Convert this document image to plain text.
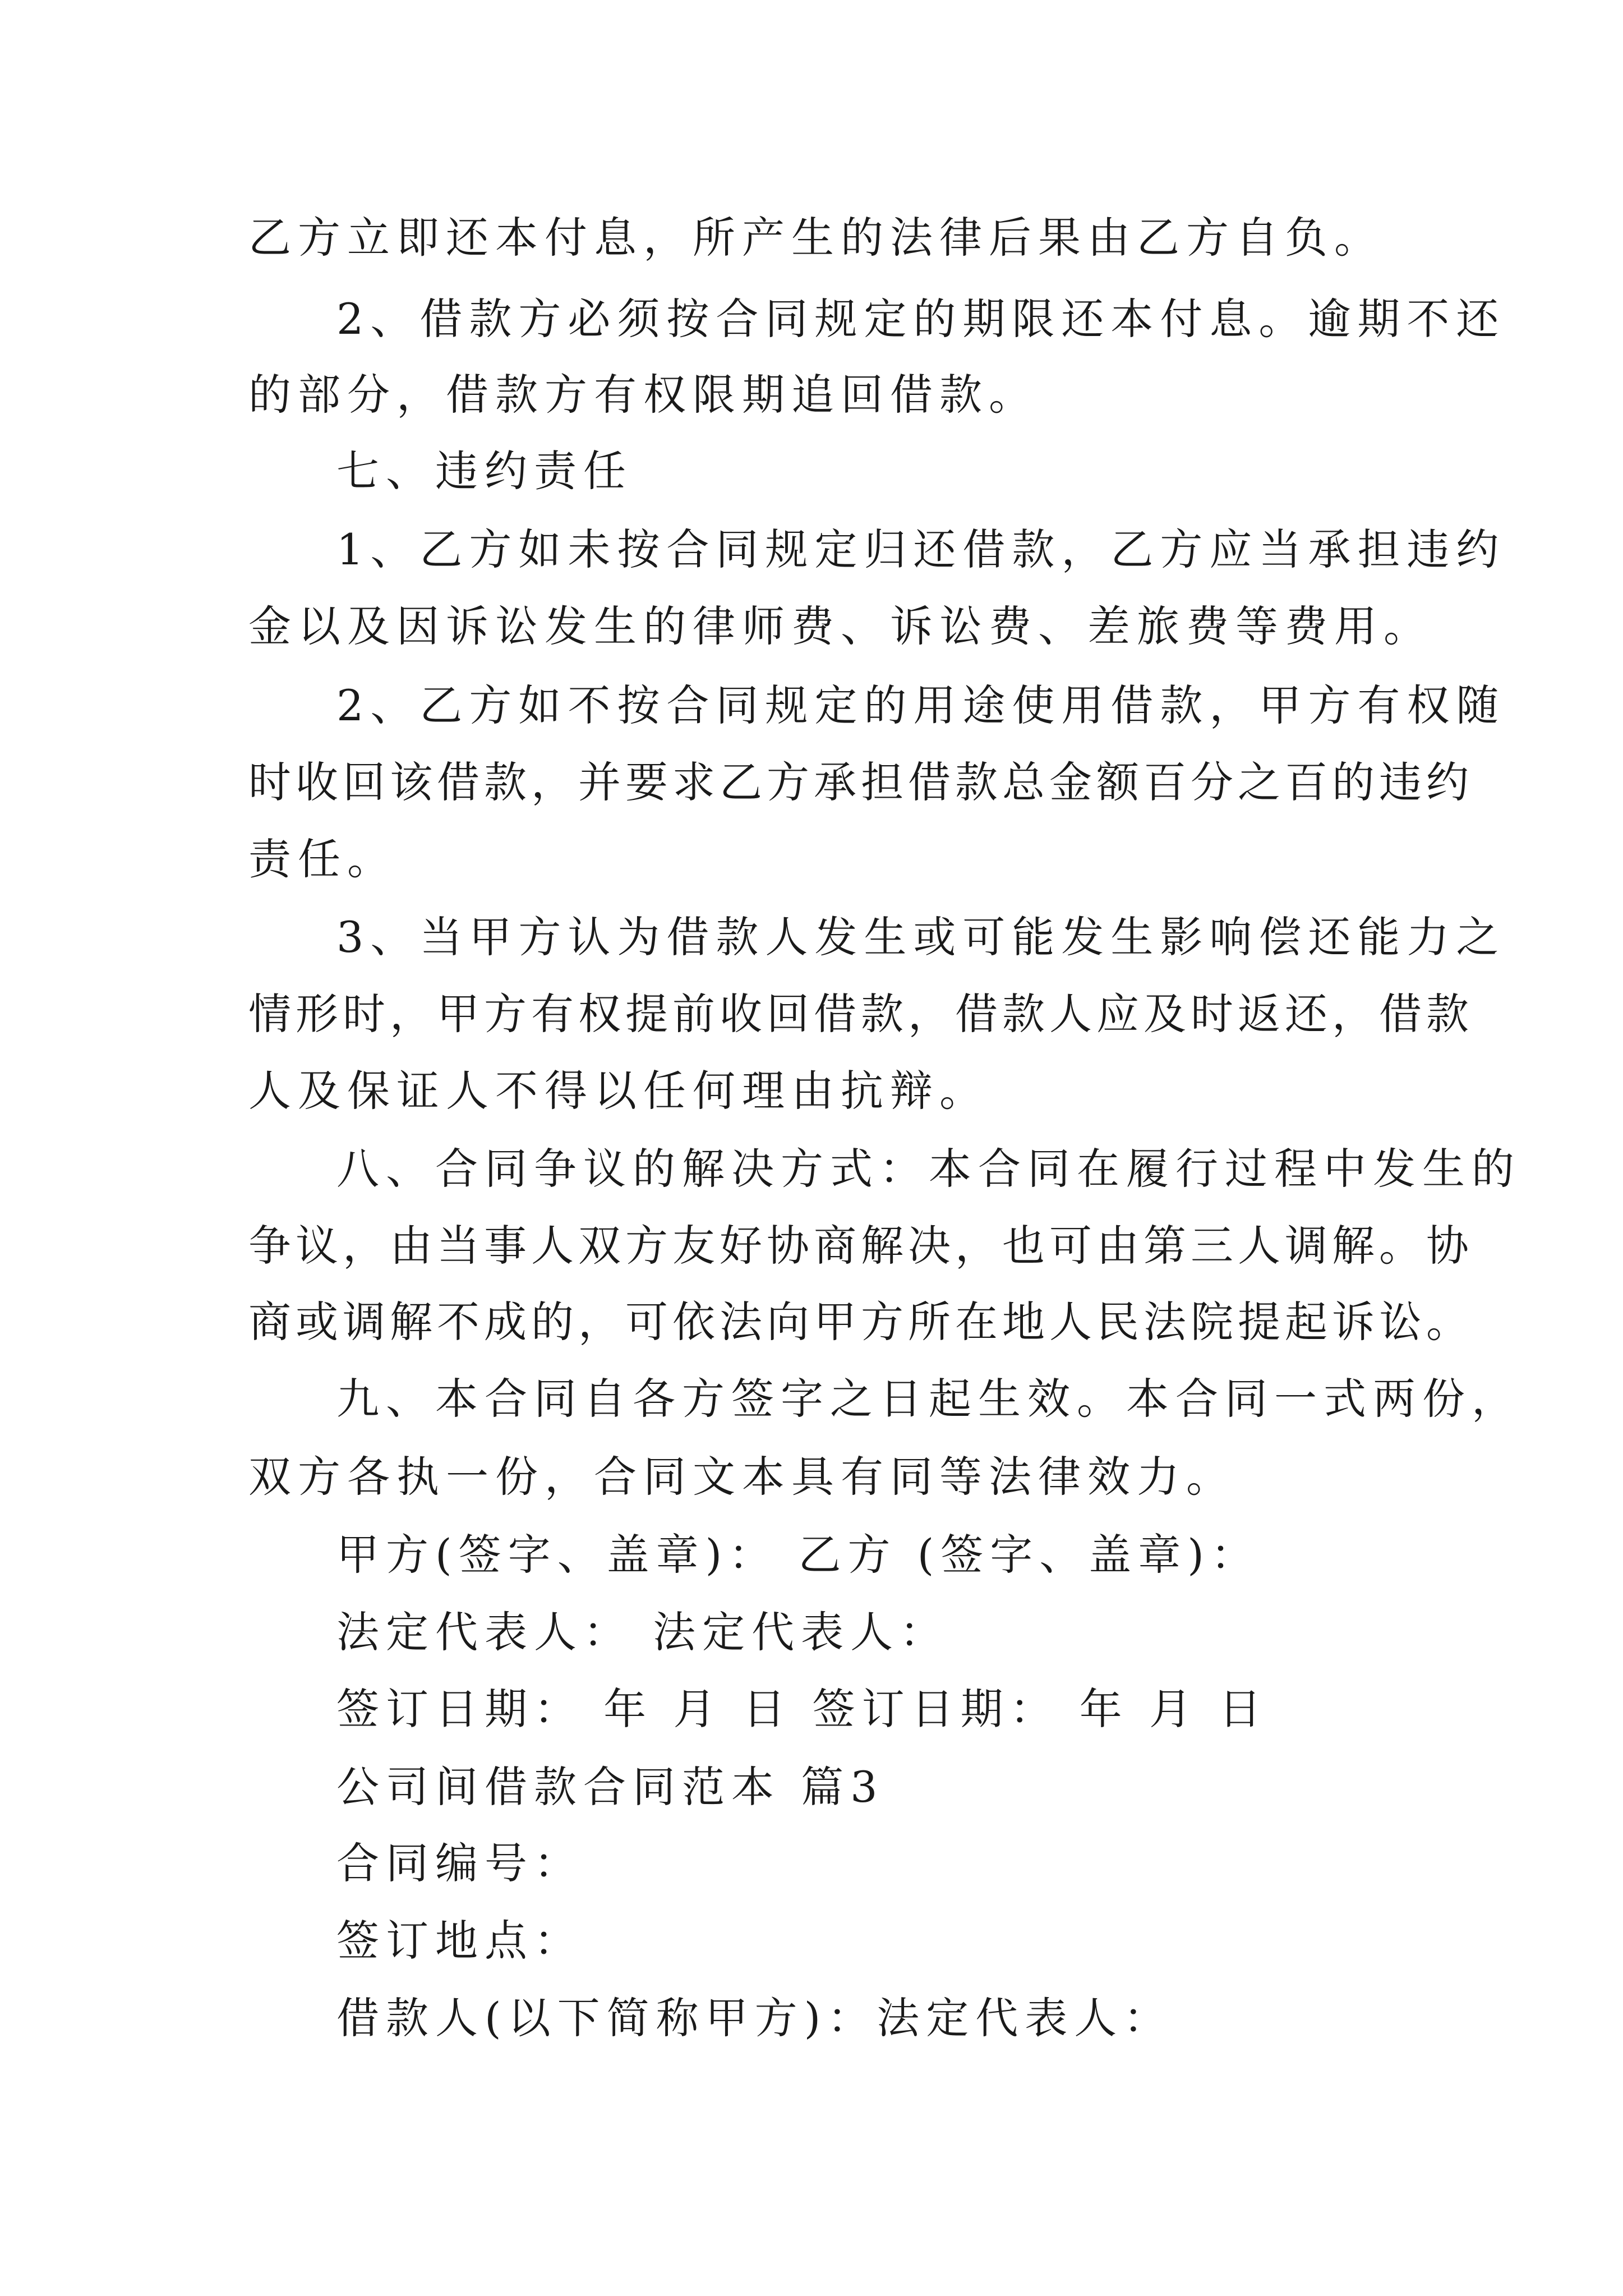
乙方立即还本付息，所产生的法律后果由乙方自负。
2、借款方必须按合同规定的期限还本付息。逾期不还
的部分，借款方有权限期追回借款。
七、违约责任
1、乙方如未按合同规定归还借款，乙方应当承担违约
金以及因诉讼发生的律师费、诉讼费、差旅费等费用。
2、乙方如不按合同规定的用途使用借款，甲方有权随
时收回该借款，并要求乙方承担借款总金额百分之百的违约
责任。
3、当甲方认为借款人发生或可能发生影响偿还能力之
情形时，甲方有权提前收回借款，借款人应及时返还，借款
人及保证人不得以任何理由抗辩。
八、合同争议的解决方式：本合同在履行过程中发生的
争议，由当事人双方友好协商解决，也可由第三人调解。协
商或调解不成的，可依法向甲方所在地人民法院提起诉讼。
九、本合同自各方签字之日起生效。本合同一式两份，
双方各执一份，合同文本具有同等法律效力。
甲方(签字、盖章)： 乙方 (签字、盖章)：
法定代表人： 法定代表人：
签订日期： 年 月 日 签订日期： 年 月 日
公司间借款合同范本 篇3
合同编号：
签订地点：
借款人(以下简称甲方)：法定代表人：
